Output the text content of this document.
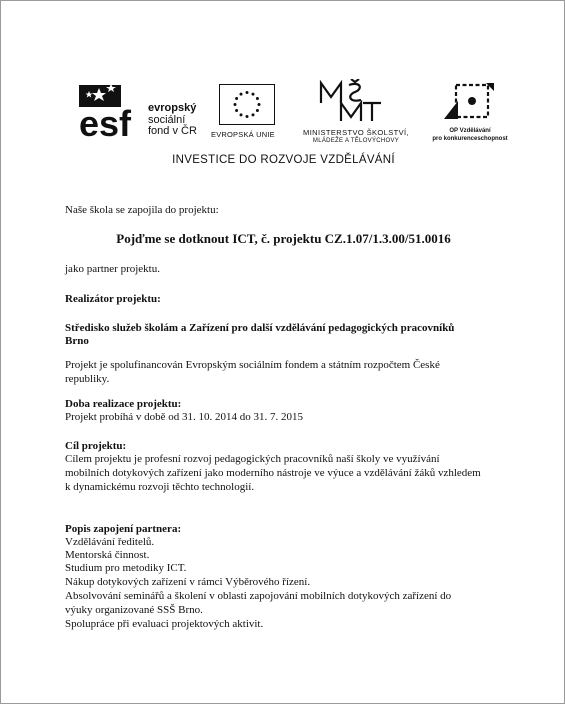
esf evropský
sociální
fond v ČR EVROPSKÁ UNIE	MINISTERSTVO ŠKOLSTVÍ,
MLÁDEŽE A TĚLOVÝCHOVY
OP Vzdělávání
pro konkurenceschopnost
INVESTICE DO ROZVOJE VZDĚLÁVÁNÍ
Naše škola se zapojila do projektu:
Pojďme se dotknout ICT, č. projektu CZ.1.07/1.3.00/51.0016
jako partner projektu.
Realizátor projektu:
Středisko služeb školám a Zařízení pro další vzdělávání pedagogických pracovníků
Brno
Projekt je spolufinancován Evropským sociálním fondem a státním rozpočtem České
republiky.
Doba realizace projektu:
Projekt probíhá v době od 31. 10. 2014 do 31. 7. 2015
Cíl projektu:
Cílem projektu je profesní rozvoj pedagogických pracovníků naší školy ve využívání
mobilních dotykových zařízení jako moderního nástroje ve výuce a vzdělávání žáků vzhledem
k dynamickému rozvoji těchto technologií.
Popis zapojení partnera:
Vzdělávání ředitelů.
Mentorská činnost.
Studium pro metodiky ICT.
Nákup dotykových zařízení v rámci Výběrového řízení.
Absolvování seminářů a školení v oblasti zapojování mobilních dotykových zařízení do
výuky organizované SSŠ Brno.
Spolupráce při evaluaci projektových aktivit.
